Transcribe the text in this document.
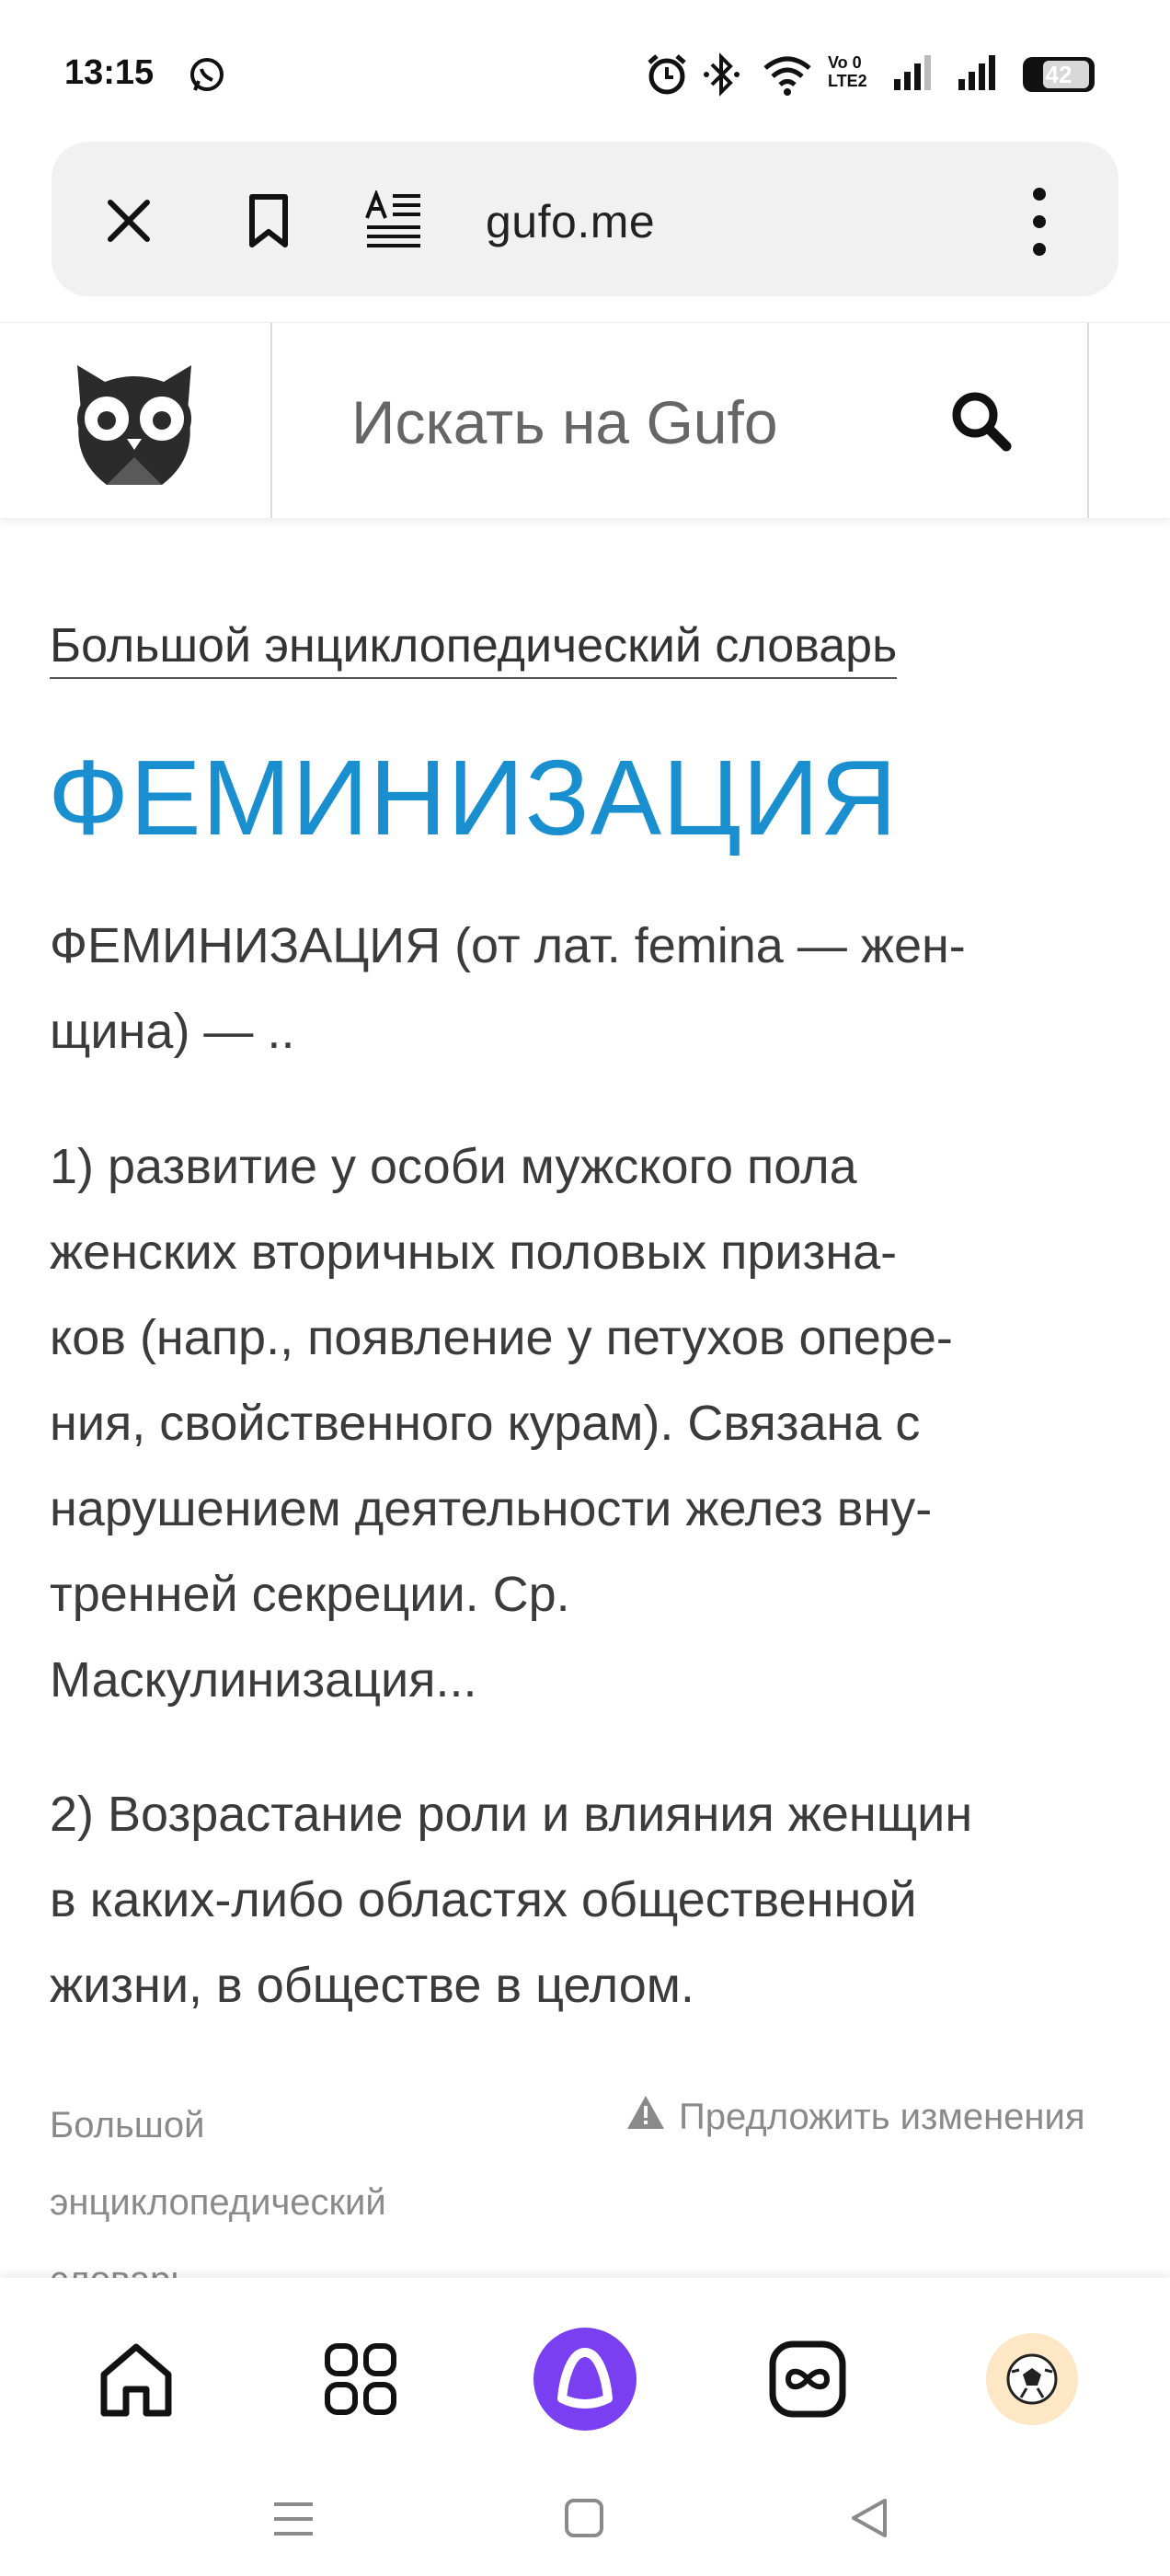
13:15	Vo 0
LTE2	42
gufo.me
Искать на Gufo
Большой энциклопедический словарь
ФЕМИНИЗАЦИЯ
ФЕМИНИЗАЦИЯ (от лат. femina — жен-
щина) — ..
1) развитие у особи мужского пола
женских вторичных половых призна-
ков (напр., появление у петухов опере-
ния, свойственного курам). Связана с
нарушением деятельности желез вну-
тренней секреции. Ср.
Маскулинизация...
2) Возрастание роли и влияния женщин
в каких-либо областях общественной
жизни, в обществе в целом.
Большой
энциклопедический
Предложить изменения
